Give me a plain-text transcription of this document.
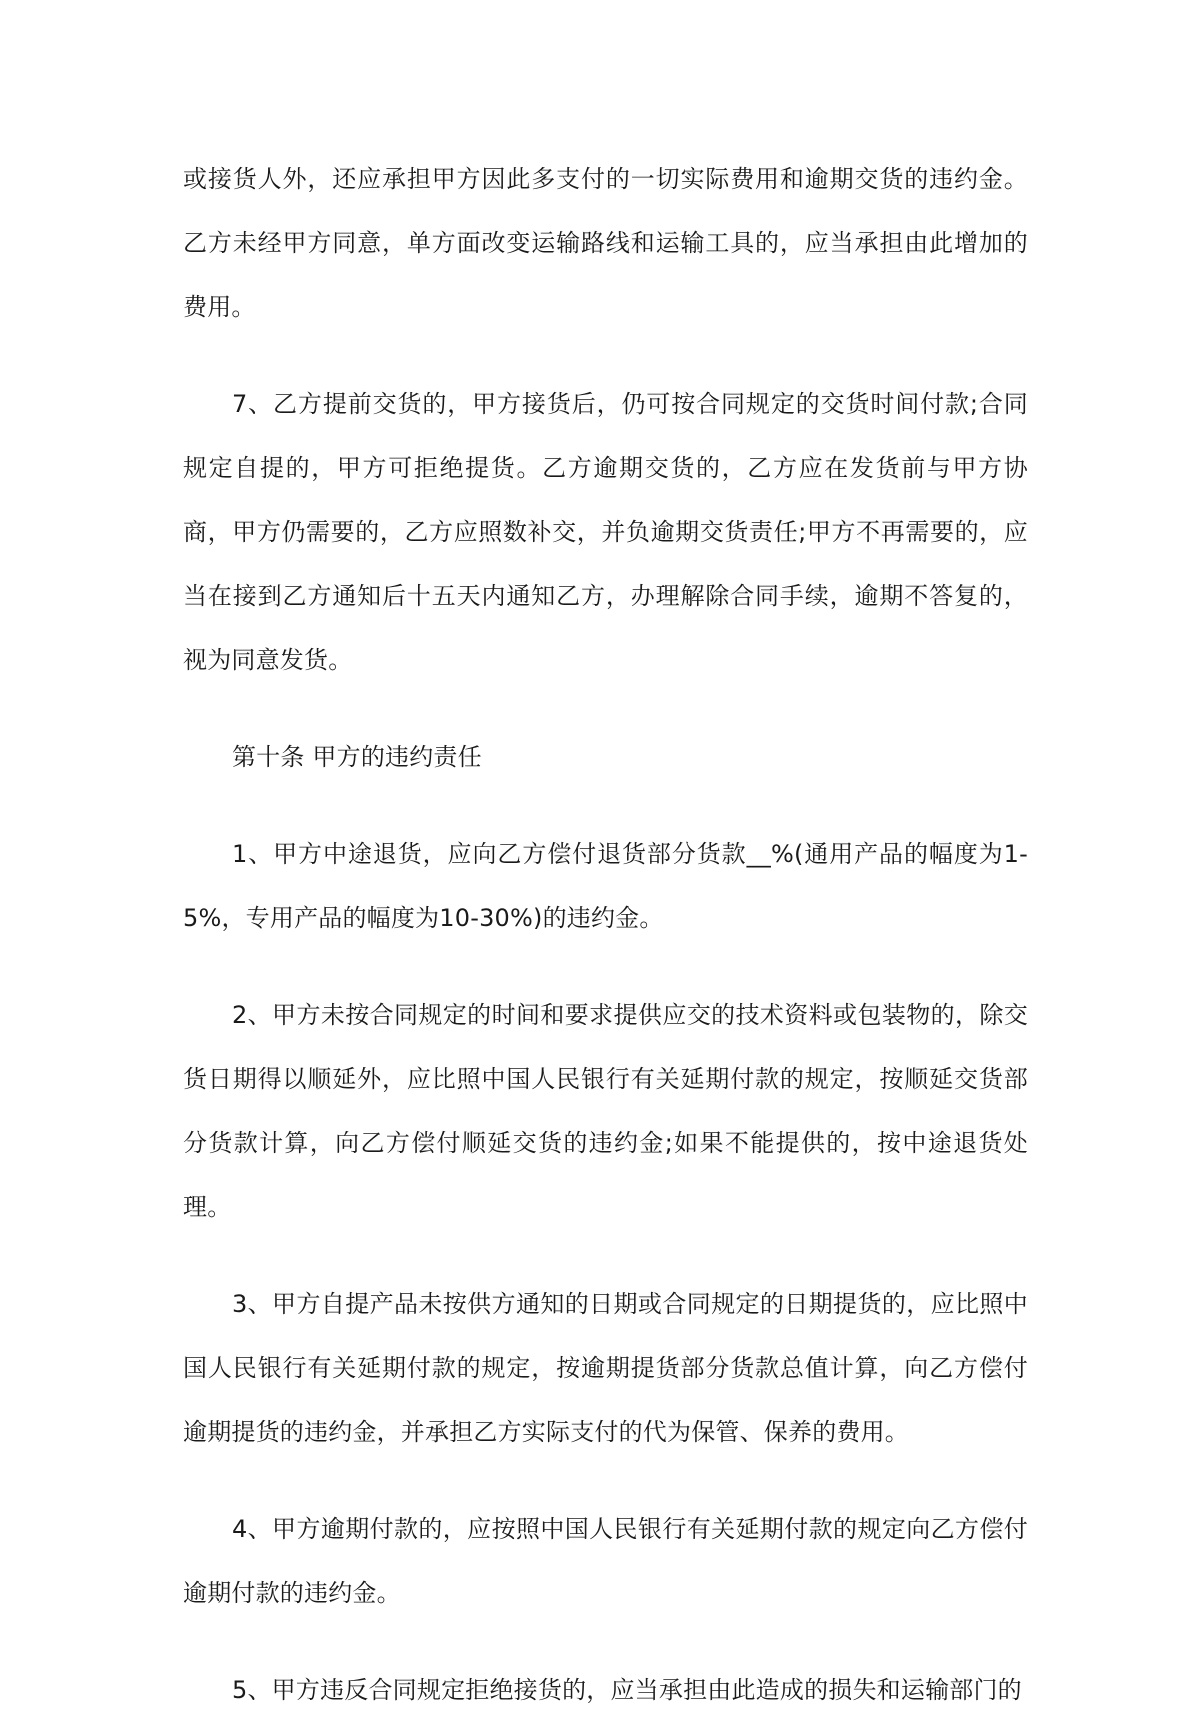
或接货人外，还应承担甲方因此多支付的一切实际费用和逾期交货的违约金。乙方未经甲方同意，单方面改变运输路线和运输工具的，应当承担由此增加的费用。

7、乙方提前交货的，甲方接货后，仍可按合同规定的交货时间付款;合同规定自提的，甲方可拒绝提货。乙方逾期交货的，乙方应在发货前与甲方协商，甲方仍需要的，乙方应照数补交，并负逾期交货责任;甲方不再需要的，应当在接到乙方通知后十五天内通知乙方，办理解除合同手续，逾期不答复的，视为同意发货。

第十条 甲方的违约责任

1、甲方中途退货，应向乙方偿付退货部分货款__%(通用产品的幅度为1-5%，专用产品的幅度为10-30%)的违约金。

2、甲方未按合同规定的时间和要求提供应交的技术资料或包装物的，除交货日期得以顺延外，应比照中国人民银行有关延期付款的规定，按顺延交货部分货款计算，向乙方偿付顺延交货的违约金;如果不能提供的，按中途退货处理。

3、甲方自提产品未按供方通知的日期或合同规定的日期提货的，应比照中国人民银行有关延期付款的规定，按逾期提货部分货款总值计算，向乙方偿付逾期提货的违约金，并承担乙方实际支付的代为保管、保养的费用。

4、甲方逾期付款的，应按照中国人民银行有关延期付款的规定向乙方偿付逾期付款的违约金。

5、甲方违反合同规定拒绝接货的，应当承担由此造成的损失和运输部门的
